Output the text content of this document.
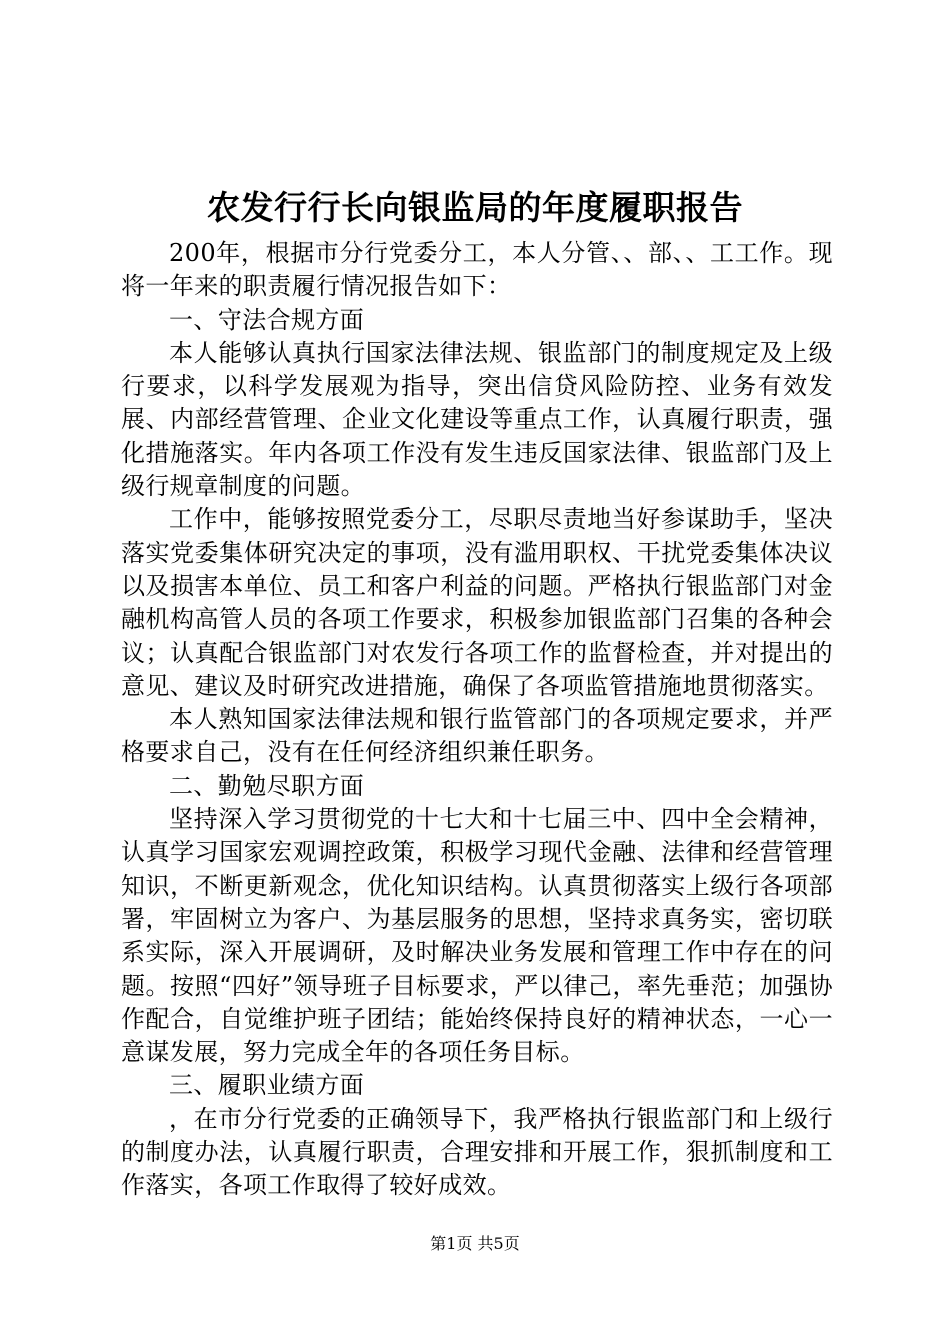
农发行行长向银监局的年度履职报告

200年，根据市分行党委分工，本人分管、、部、、工工作。现将一年来的职责履行情况报告如下：

一、守法合规方面

本人能够认真执行国家法律法规、银监部门的制度规定及上级行要求，以科学发展观为指导，突出信贷风险防控、业务有效发展、内部经营管理、企业文化建设等重点工作，认真履行职责，强化措施落实。年内各项工作没有发生违反国家法律、银监部门及上级行规章制度的问题。

工作中，能够按照党委分工，尽职尽责地当好参谋助手，坚决落实党委集体研究决定的事项，没有滥用职权、干扰党委集体决议以及损害本单位、员工和客户利益的问题。严格执行银监部门对金融机构高管人员的各项工作要求，积极参加银监部门召集的各种会议；认真配合银监部门对农发行各项工作的监督检查，并对提出的意见、建议及时研究改进措施，确保了各项监管措施地贯彻落实。

本人熟知国家法律法规和银行监管部门的各项规定要求，并严格要求自己，没有在任何经济组织兼任职务。

二、勤勉尽职方面

坚持深入学习贯彻党的十七大和十七届三中、四中全会精神，认真学习国家宏观调控政策，积极学习现代金融、法律和经营管理知识，不断更新观念，优化知识结构。认真贯彻落实上级行各项部署，牢固树立为客户、为基层服务的思想，坚持求真务实，密切联系实际，深入开展调研，及时解决业务发展和管理工作中存在的问题。按照“四好”领导班子目标要求，严以律己，率先垂范；加强协作配合，自觉维护班子团结；能始终保持良好的精神状态，一心一意谋发展，努力完成全年的各项任务目标。

三、履职业绩方面

，在市分行党委的正确领导下，我严格执行银监部门和上级行的制度办法，认真履行职责，合理安排和开展工作，狠抓制度和工作落实，各项工作取得了较好成效。

第1页 共5页
